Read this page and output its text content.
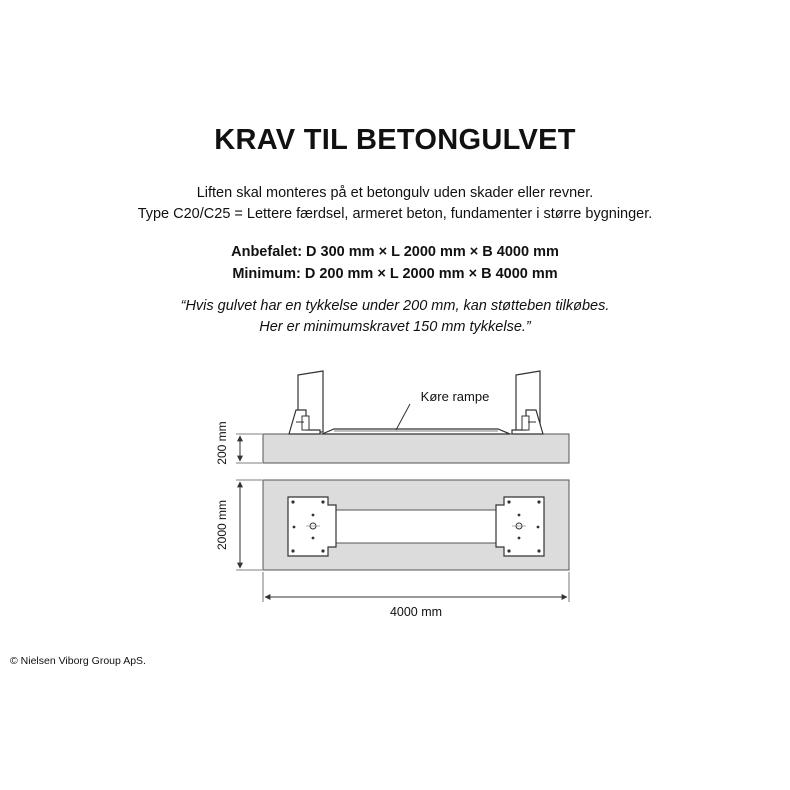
KRAV TIL BETONGULVET
Liften skal monteres på et betongulv uden skader eller revner.
Type C20/C25 = Lettere færdsel, armeret beton, fundamenter i større bygninger.
Anbefalet: D 300 mm × L 2000 mm × B 4000 mm
Minimum: D 200 mm × L 2000 mm × B 4000 mm
“Hvis gulvet har en tykkelse under 200 mm, kan støtteben tilkøbes.
Her er minimumskravet 150 mm tykkelse.”
Køre rampe
200 mm
2000 mm
4000 mm
© Nielsen Viborg Group ApS.
